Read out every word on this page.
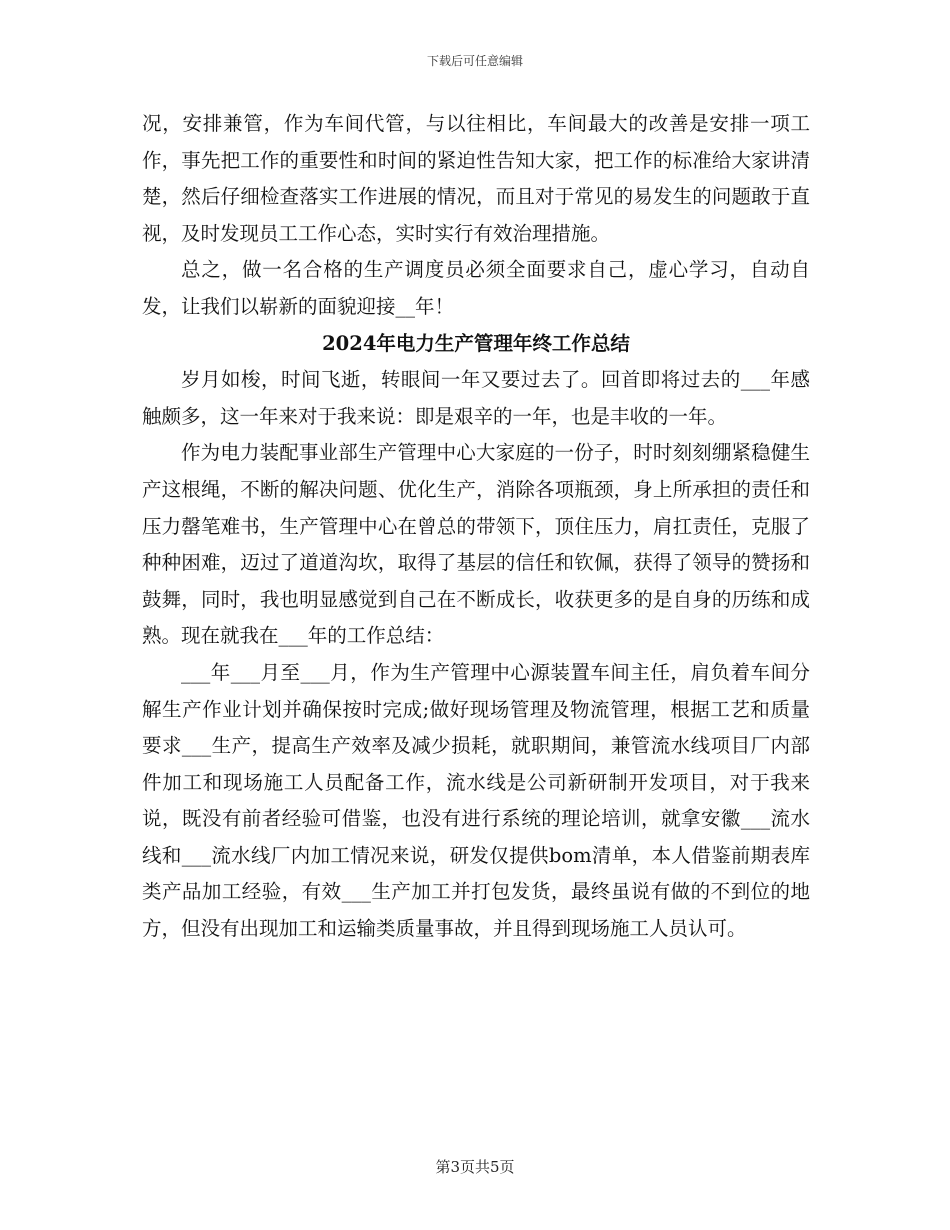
下载后可任意编辑

况，安排兼管，作为车间代管，与以往相比，车间最大的改善是安排一项工作，事先把工作的重要性和时间的紧迫性告知大家，把工作的标准给大家讲清楚，然后仔细检查落实工作进展的情况，而且对于常见的易发生的问题敢于直视，及时发现员工工作心态，实时实行有效治理措施。

总之，做一名合格的生产调度员必须全面要求自己，虚心学习，自动自发，让我们以崭新的面貌迎接__年！

2024年电力生产管理年终工作总结

岁月如梭，时间飞逝，转眼间一年又要过去了。回首即将过去的___年感触颇多，这一年来对于我来说：即是艰辛的一年，也是丰收的一年。

作为电力装配事业部生产管理中心大家庭的一份子，时时刻刻绷紧稳健生产这根绳，不断的解决问题、优化生产，消除各项瓶颈，身上所承担的责任和压力罄笔难书，生产管理中心在曾总的带领下，顶住压力，肩扛责任，克服了种种困难，迈过了道道沟坎，取得了基层的信任和钦佩，获得了领导的赞扬和鼓舞，同时，我也明显感觉到自己在不断成长，收获更多的是自身的历练和成熟。现在就我在___年的工作总结：

___年___月至___月，作为生产管理中心源装置车间主任，肩负着车间分解生产作业计划并确保按时完成;做好现场管理及物流管理，根据工艺和质量要求___生产，提高生产效率及减少损耗，就职期间，兼管流水线项目厂内部件加工和现场施工人员配备工作，流水线是公司新研制开发项目，对于我来说，既没有前者经验可借鉴，也没有进行系统的理论培训，就拿安徽___流水线和___流水线厂内加工情况来说，研发仅提供bom清单，本人借鉴前期表库类产品加工经验，有效___生产加工并打包发货，最终虽说有做的不到位的地方，但没有出现加工和运输类质量事故，并且得到现场施工人员认可。

第3页共5页
